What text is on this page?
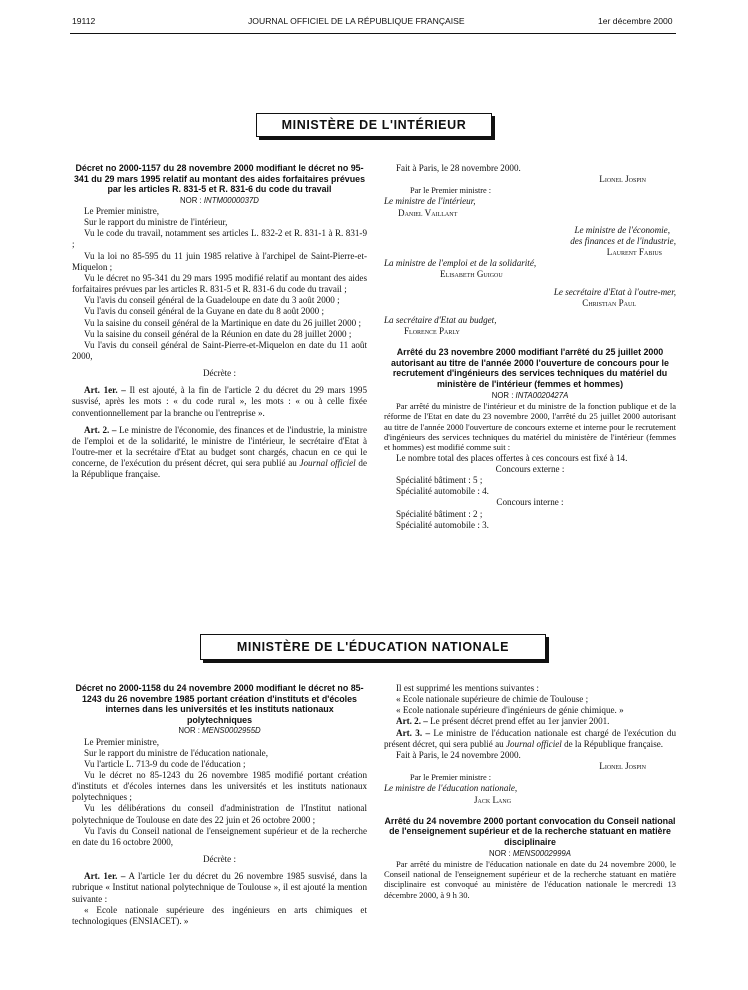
19112	JOURNAL OFFICIEL DE LA RÉPUBLIQUE FRANÇAISE	1er décembre 2000
MINISTÈRE DE L'INTÉRIEUR

Décret no 2000-1157 du 28 novembre 2000 modifiant le décret no 95-341 du 29 mars 1995 relatif au montant des aides forfaitaires prévues par les articles R. 831-5 et R. 831-6 du code du travail

NOR : INTM0000037D

Le Premier ministre,

Sur le rapport du ministre de l'intérieur,

Vu le code du travail, notamment ses articles L. 832-2 et R. 831-1 à R. 831-9 ;

Vu la loi no 85-595 du 11 juin 1985 relative à l'archipel de Saint-Pierre-et-Miquelon ;

Vu le décret no 95-341 du 29 mars 1995 modifié relatif au montant des aides forfaitaires prévues par les articles R. 831-5 et R. 831-6 du code du travail ;

Vu l'avis du conseil général de la Guadeloupe en date du 3 août 2000 ;

Vu l'avis du conseil général de la Guyane en date du 8 août 2000 ;

Vu la saisine du conseil général de la Martinique en date du 26 juillet 2000 ;

Vu la saisine du conseil général de la Réunion en date du 28 juillet 2000 ;

Vu l'avis du conseil général de Saint-Pierre-et-Miquelon en date du 11 août 2000,

Décrète :

Art. 1er. – Il est ajouté, à la fin de l'article 2 du décret du 29 mars 1995 susvisé, après les mots : « du code rural », les mots : « ou à celle fixée conventionnellement par la branche ou l'entreprise ».

Art. 2. – Le ministre de l'économie, des finances et de l'industrie, la ministre de l'emploi et de la solidarité, le ministre de l'intérieur, le secrétaire d'Etat à l'outre-mer et la secrétaire d'Etat au budget sont chargés, chacun en ce qui le concerne, de l'exécution du présent décret, qui sera publié au Journal officiel de la République française.

Fait à Paris, le 28 novembre 2000.

Lionel Jospin

Par le Premier ministre :

Le ministre de l'intérieur,

Daniel Vaillant

Le ministre de l'économie,

des finances et de l'industrie,

Laurent Fabius

La ministre de l'emploi et de la solidarité,

Elisabeth Guigou

Le secrétaire d'Etat à l'outre-mer,

Christian Paul

La secrétaire d'Etat au budget,

Florence Parly

Arrêté du 23 novembre 2000 modifiant l'arrêté du 25 juillet 2000 autorisant au titre de l'année 2000 l'ouverture de concours pour le recrutement d'ingénieurs des services techniques du matériel du ministère de l'intérieur (femmes et hommes)

NOR : INTA0020427A

Par arrêté du ministre de l'intérieur et du ministre de la fonction publique et de la réforme de l'Etat en date du 23 novembre 2000, l'arrêté du 25 juillet 2000 autorisant au titre de l'année 2000 l'ouverture de concours externe et interne pour le recrutement d'ingénieurs des services techniques du matériel du ministère de l'intérieur (femmes et hommes) est modifié comme suit :

Le nombre total des places offertes à ces concours est fixé à 14.

Concours externe :

Spécialité bâtiment : 5 ;

Spécialité automobile : 4.

Concours interne :

Spécialité bâtiment : 2 ;

Spécialité automobile : 3.

MINISTÈRE DE L'ÉDUCATION NATIONALE

Décret no 2000-1158 du 24 novembre 2000 modifiant le décret no 85-1243 du 26 novembre 1985 portant création d'instituts et d'écoles internes dans les universités et les instituts nationaux polytechniques

NOR : MENS0002955D

Le Premier ministre,

Sur le rapport du ministre de l'éducation nationale,

Vu l'article L. 713-9 du code de l'éducation ;

Vu le décret no 85-1243 du 26 novembre 1985 modifié portant création d'instituts et d'écoles internes dans les universités et les instituts nationaux polytechniques ;

Vu les délibérations du conseil d'administration de l'Institut national polytechnique de Toulouse en date des 22 juin et 26 octobre 2000 ;

Vu l'avis du Conseil national de l'enseignement supérieur et de la recherche en date du 16 octobre 2000,

Décrète :

Art. 1er. – A l'article 1er du décret du 26 novembre 1985 susvisé, dans la rubrique « Institut national polytechnique de Toulouse », il est ajouté la mention suivante :

« Ecole nationale supérieure des ingénieurs en arts chimiques et technologiques (ENSIACET). »

Il est supprimé les mentions suivantes :

« Ecole nationale supérieure de chimie de Toulouse ;

« Ecole nationale supérieure d'ingénieurs de génie chimique. »

Art. 2. – Le présent décret prend effet au 1er janvier 2001.

Art. 3. – Le ministre de l'éducation nationale est chargé de l'exécution du présent décret, qui sera publié au Journal officiel de la République française.

Fait à Paris, le 24 novembre 2000.

Lionel Jospin

Par le Premier ministre :

Le ministre de l'éducation nationale,

Jack Lang

Arrêté du 24 novembre 2000 portant convocation du Conseil national de l'enseignement supérieur et de la recherche statuant en matière disciplinaire

NOR : MENS0002999A

Par arrêté du ministre de l'éducation nationale en date du 24 novembre 2000, le Conseil national de l'enseignement supérieur et de la recherche statuant en matière disciplinaire est convoqué au ministère de l'éducation nationale le mercredi 13 décembre 2000, à 9 h 30.
